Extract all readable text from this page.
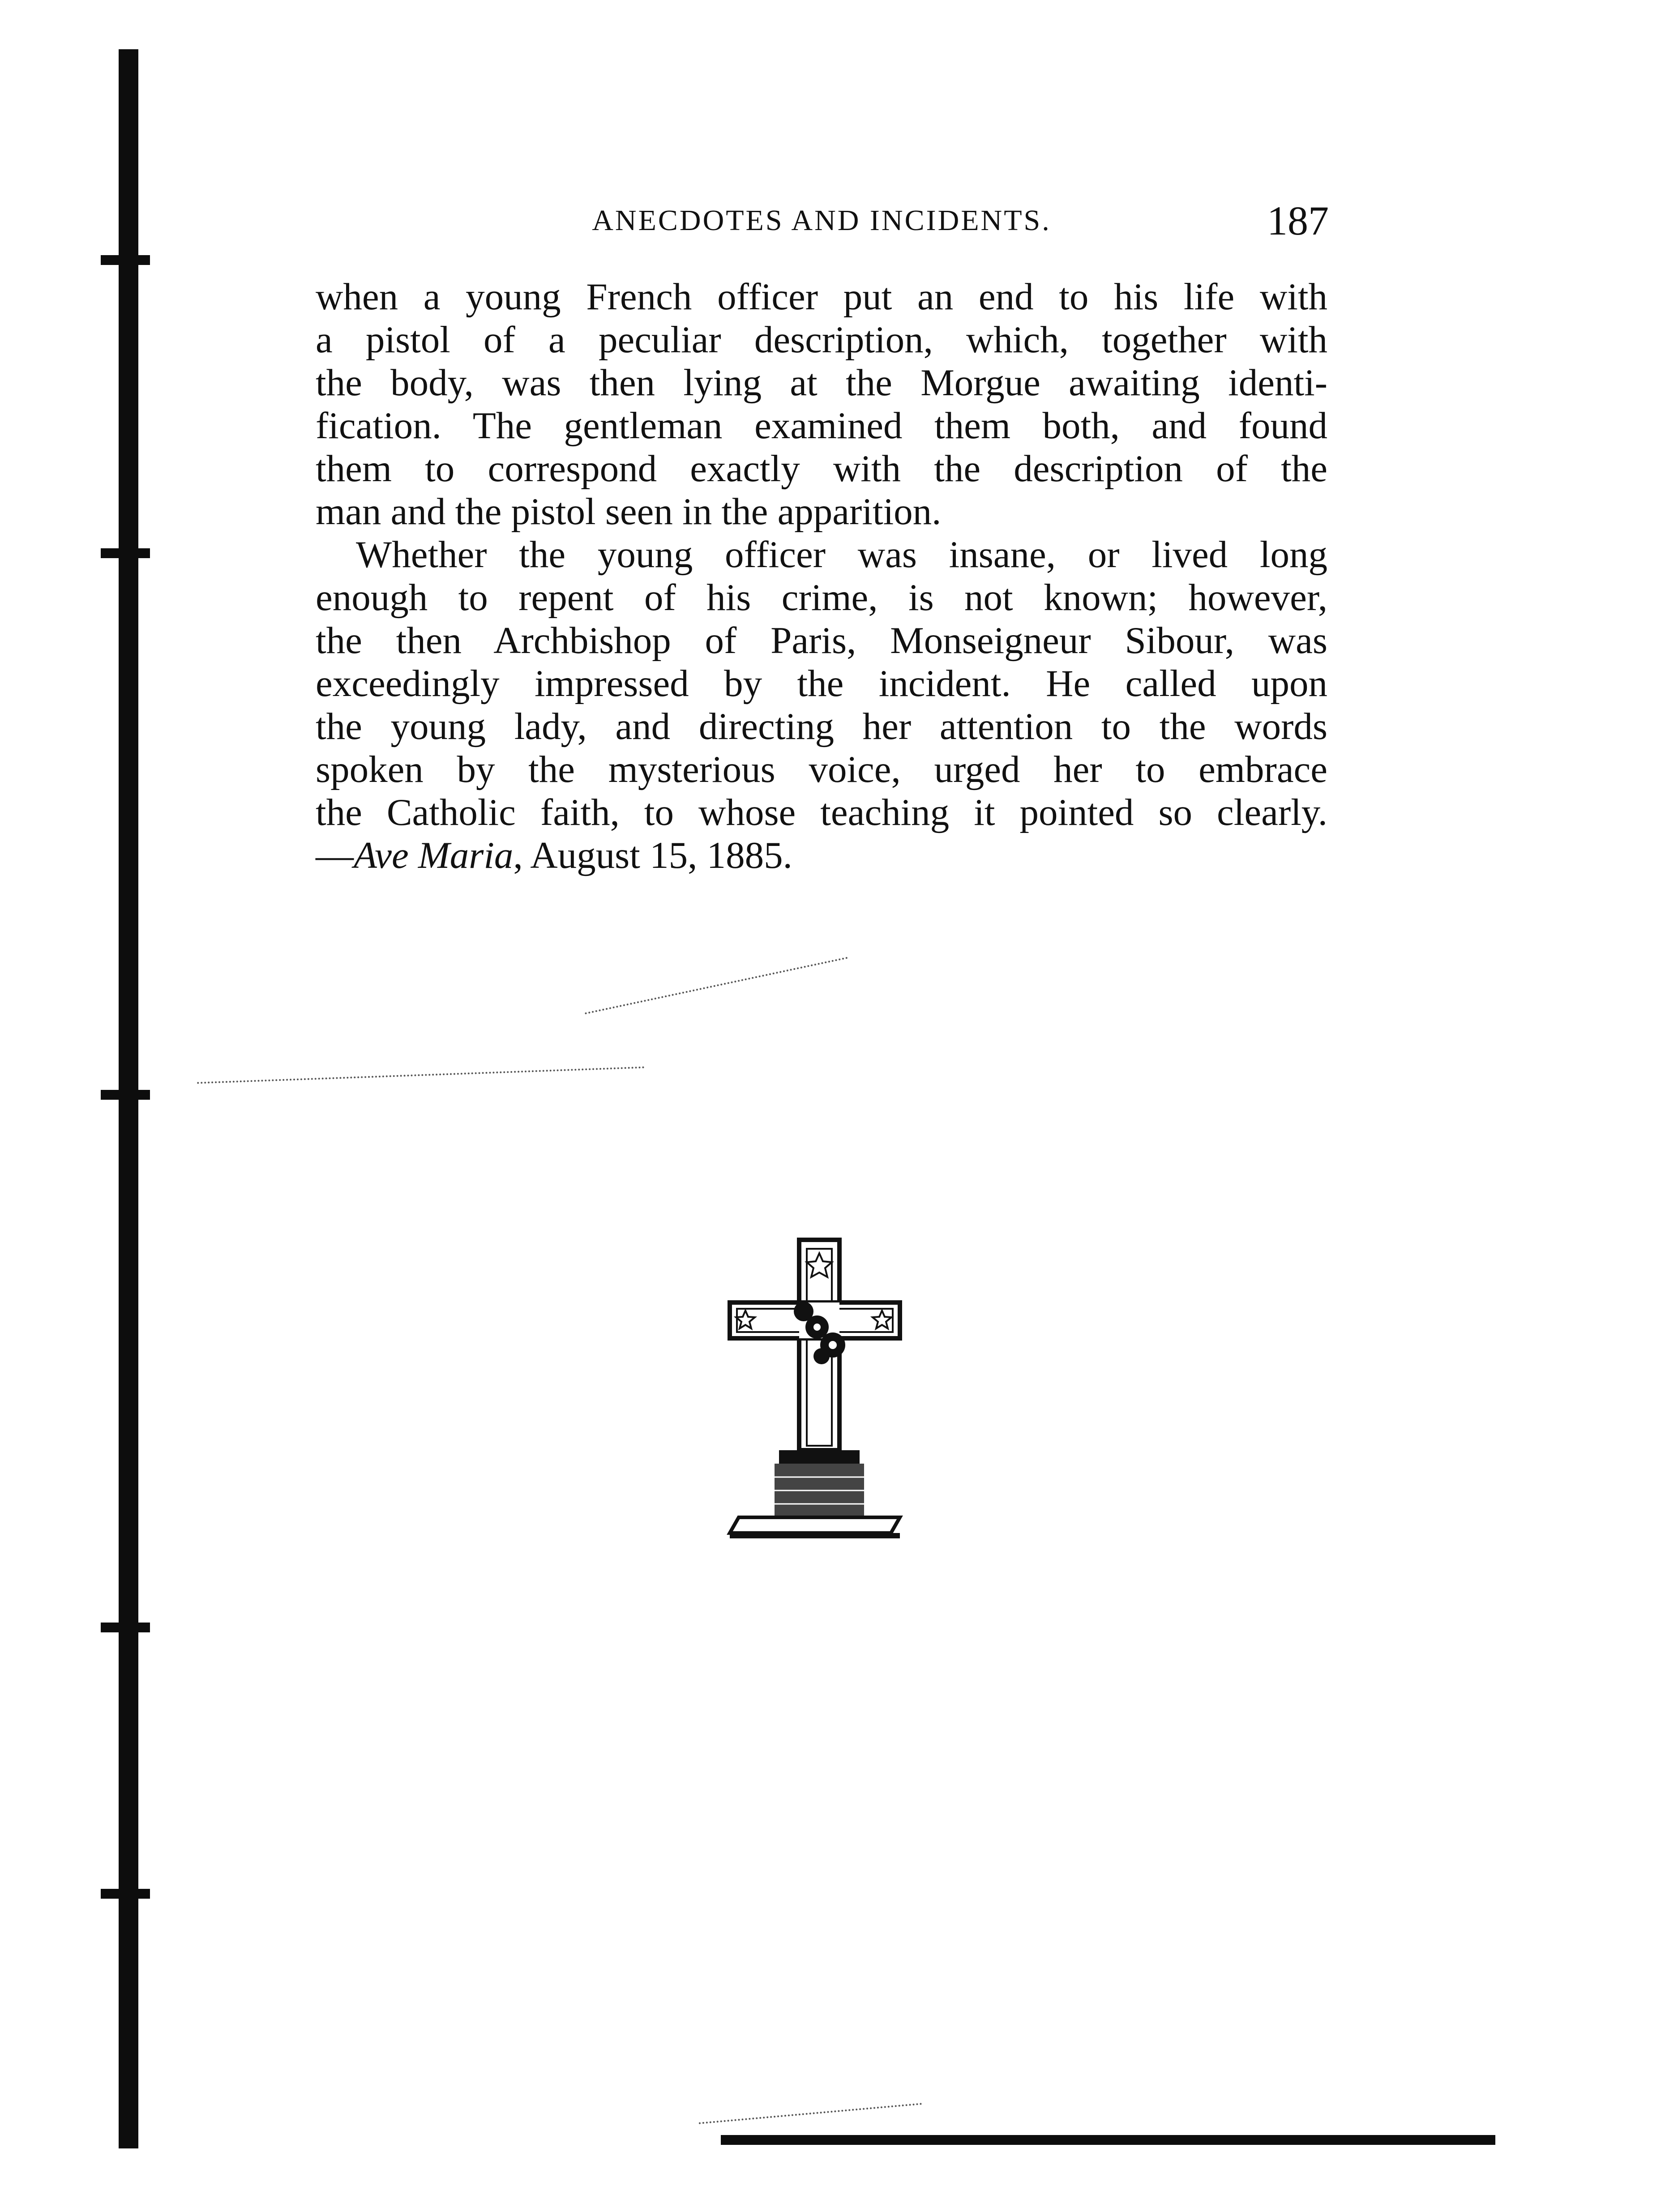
ANECDOTES AND INCIDENTS.	187
when a young French officer put an end to his life with
a pistol of a peculiar description, which, together with
the body, was then lying at the Morgue awaiting identi-
fication. The gentleman examined them both, and found
them to correspond exactly with the description of the
man and the pistol seen in the apparition.
Whether the young officer was insane, or lived long
enough to repent of his crime, is not known; however,
the then Archbishop of Paris, Monseigneur Sibour, was
exceedingly impressed by the incident. He called upon
the young lady, and directing her attention to the words
spoken by the mysterious voice, urged her to embrace
the Catholic faith, to whose teaching it pointed so clearly.
—Ave Maria, August 15, 1885.
